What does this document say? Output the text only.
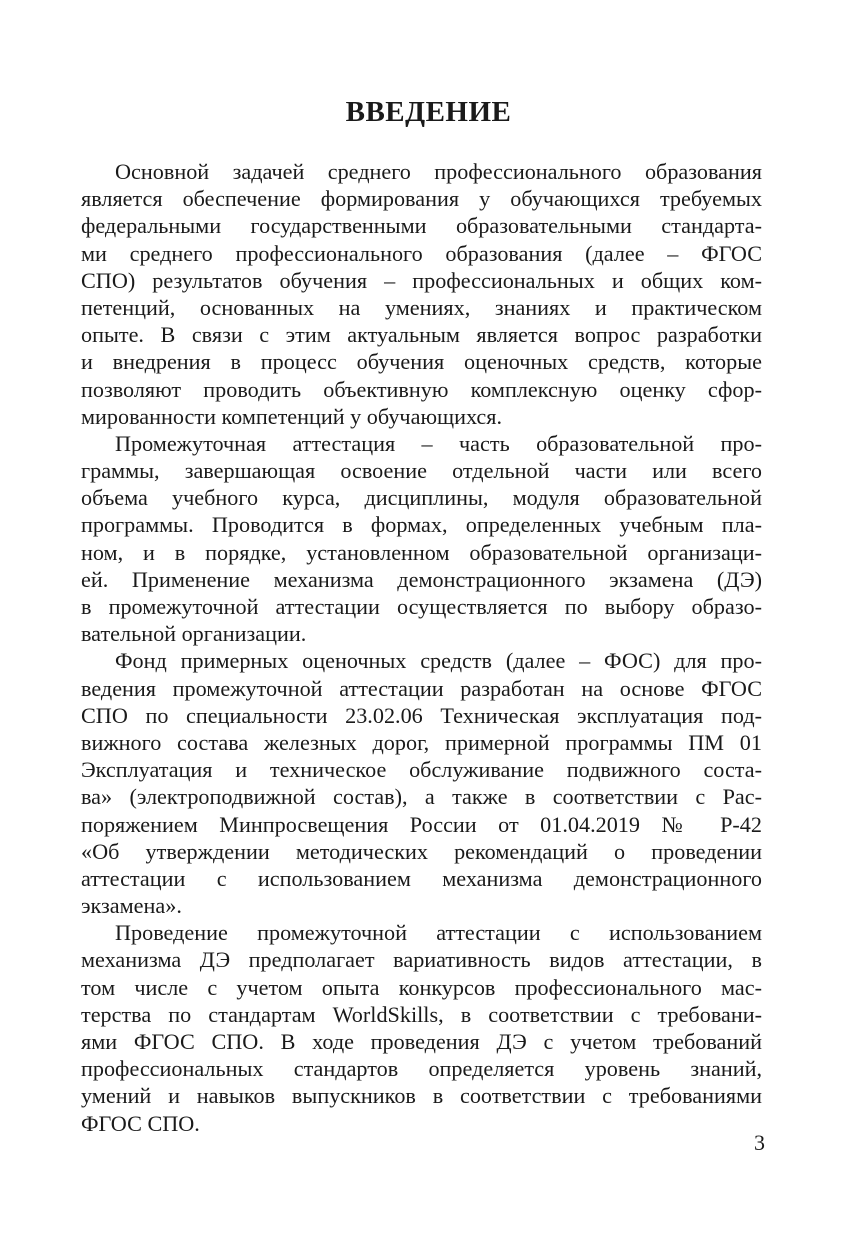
ВВЕДЕНИЕ
Основной задачей среднего профессионального образования
является обеспечение формирования у обучающихся требуемых
федеральными государственными образовательными стандарта-
ми среднего профессионального образования (далее – ФГОС
СПО) результатов обучения – профессиональных и общих ком-
петенций, основанных на умениях, знаниях и практическом
опыте. В связи с этим актуальным является вопрос разработки
и внедрения в процесс обучения оценочных средств, которые
позволяют проводить объективную комплексную оценку сфор-
мированности компетенций у обучающихся.
Промежуточная аттестация – часть образовательной про-
граммы, завершающая освоение отдельной части или всего
объема учебного курса, дисциплины, модуля образовательной
программы. Проводится в формах, определенных учебным пла-
ном, и в порядке, установленном образовательной организаци-
ей. Применение механизма демонстрационного экзамена (ДЭ)
в промежуточной аттестации осуществляется по выбору образо-
вательной организации.
Фонд примерных оценочных средств (далее – ФОС) для про-
ведения промежуточной аттестации разработан на основе ФГОС
СПО по специальности 23.02.06 Техническая эксплуатация под-
вижного состава железных дорог, примерной программы ПМ 01
Эксплуатация и техническое обслуживание подвижного соста-
ва» (электроподвижной состав), а также в соответствии с Рас-
поряжением Минпросвещения России от 01.04.2019 № Р-42
«Об утверждении методических рекомендаций о проведении
аттестации с использованием механизма демонстрационного
экзамена».
Проведение промежуточной аттестации с использованием
механизма ДЭ предполагает вариативность видов аттестации, в
том числе с учетом опыта конкурсов профессионального мас-
терства по стандартам WorldSkills, в соответствии с требовани-
ями ФГОС СПО. В ходе проведения ДЭ с учетом требований
профессиональных стандартов определяется уровень знаний,
умений и навыков выпускников в соответствии с требованиями
ФГОС СПО.
3
